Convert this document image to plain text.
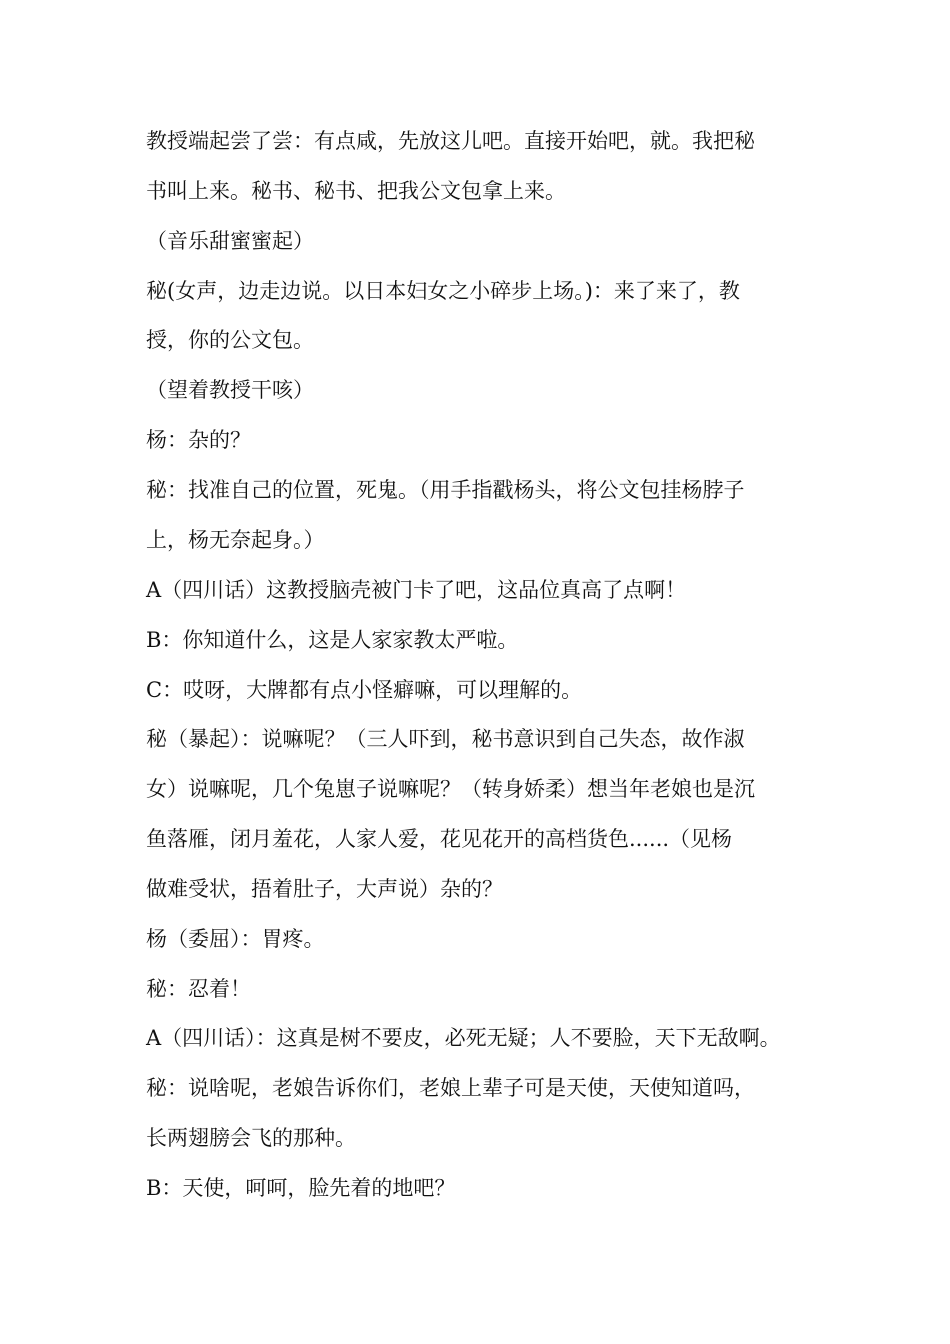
教授端起尝了尝：有点咸，先放这儿吧。直接开始吧，就。我把秘
书叫上来。秘书、秘书、把我公文包拿上来。
（音乐甜蜜蜜起）
秘(女声，边走边说。以日本妇女之小碎步上场。)：来了来了，教
授，你的公文包。
（望着教授干咳）
杨：杂的？
秘：找准自己的位置，死鬼。（用手指戳杨头，将公文包挂杨脖子
上，杨无奈起身。）
A（四川话）这教授脑壳被门卡了吧，这品位真高了点啊！
B：你知道什么，这是人家家教太严啦。
C：哎呀，大牌都有点小怪癖嘛，可以理解的。
秘（暴起）：说嘛呢？（三人吓到，秘书意识到自己失态，故作淑
女）说嘛呢，几个兔崽子说嘛呢？（转身娇柔）想当年老娘也是沉
鱼落雁，闭月羞花，人家人爱，花见花开的高档货色......（见杨
做难受状，捂着肚子，大声说）杂的？
杨（委屈）：胃疼。
秘：忍着！
A（四川话）：这真是树不要皮，必死无疑；人不要脸，天下无敌啊。
秘：说啥呢，老娘告诉你们，老娘上辈子可是天使，天使知道吗，
长两翅膀会飞的那种。
B：天使，呵呵，脸先着的地吧？
